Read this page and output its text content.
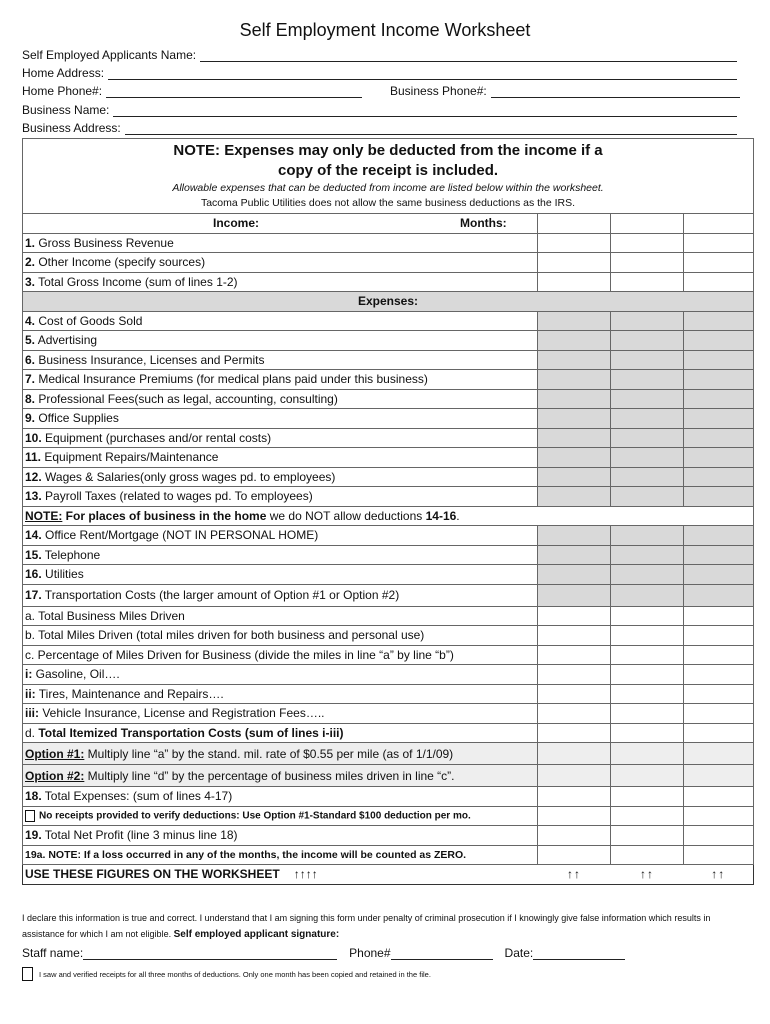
Self Employment Income Worksheet
Self Employed Applicants Name:
Home Address:
Home Phone#:	Business Phone#:
Business Name:
Business Address:
NOTE: Expenses may only be deducted from the income if a
copy of the receipt is included.
Allowable expenses that can be deducted from income are listed below within the worksheet.
Tacoma Public Utilities does not allow the same business deductions as the IRS.			

Income: Months:			

1. Gross Business Revenue			
2. Other Income (specify sources)			
3. Total Gross Income (sum of lines 1-2)			
Expenses:			
4. Cost of Goods Sold			
5. Advertising			
6. Business Insurance, Licenses and Permits			
7. Medical Insurance Premiums (for medical plans paid under this business)			
8. Professional Fees(such as legal, accounting, consulting)			
9. Office Supplies			
10. Equipment (purchases and/or rental costs)			
11. Equipment Repairs/Maintenance			
12. Wages & Salaries(only gross wages pd. to employees)			
13. Payroll Taxes (related to wages pd. To employees)			
NOTE: For places of business in the home we do NOT allow deductions 14-16.			
14. Office Rent/Mortgage (NOT IN PERSONAL HOME)			
15. Telephone			
16. Utilities			
17. Transportation Costs (the larger amount of Option #1 or Option #2)			
a. Total Business Miles Driven			
b. Total Miles Driven (total miles driven for both business and personal use)			
c. Percentage of Miles Driven for Business (divide the miles in line “a” by line “b”)			
i: Gasoline, Oil….			
ii: Tires, Maintenance and Repairs….			
iii: Vehicle Insurance, License and Registration Fees…..			
d. Total Itemized Transportation Costs (sum of lines i-iii)			
Option #1: Multiply line “a” by the stand. mil. rate of $0.55 per mile (as of 1/1/09)			
Option #2: Multiply line “d” by the percentage of business miles driven in line “c”.			
18. Total Expenses: (sum of lines 4-17)			
No receipts provided to verify deductions: Use Option #1-Standard $100 deduction per mo.			
19. Total Net Profit (line 3 minus line 18)			
19a. NOTE: If a loss occurred in any of the months, the income will be counted as ZERO.			
USE THESE FIGURES ON THE WORKSHEET ↑↑↑↑	↑↑	↑↑	↑↑
I declare this information is true and correct. I understand that I am signing this form under penalty of criminal prosecution if I knowingly give false information which results in assistance for which I am not eligible. Self employed applicant signature:
Staff name:	Phone#	Date:
I saw and verified receipts for all three months of deductions. Only one month has been copied and retained in the file.
